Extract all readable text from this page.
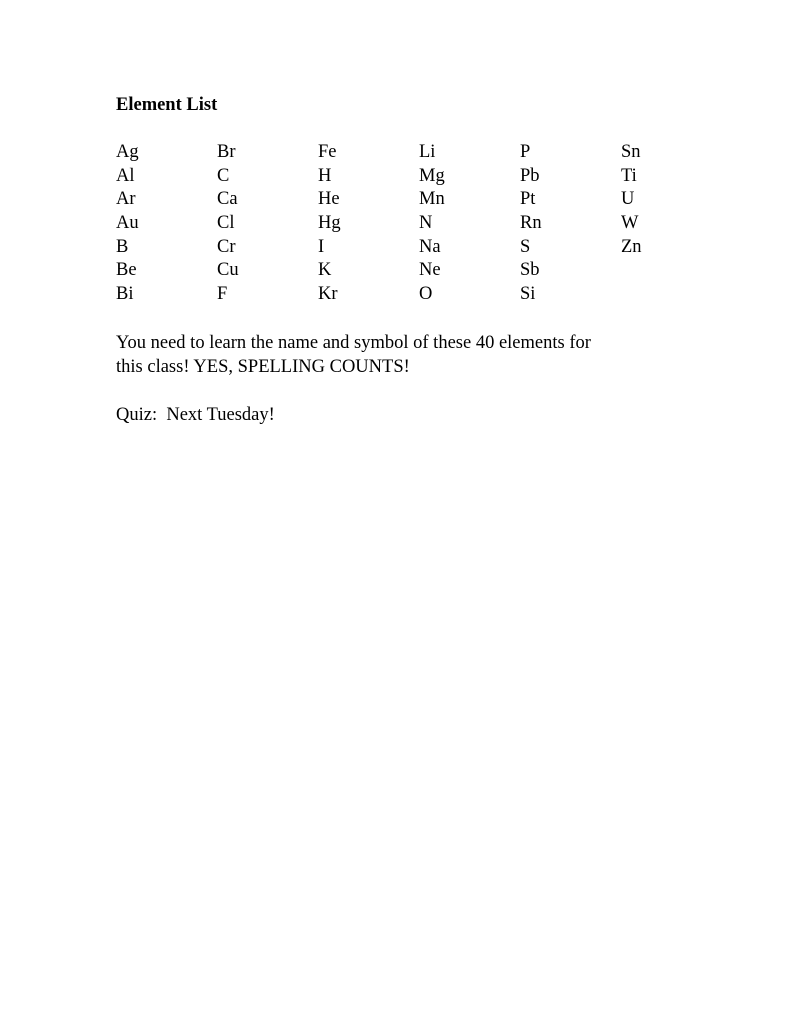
Element List
Ag	Br	Fe	Li	P	Sn
Al	C	H	Mg	Pb	Ti
Ar	Ca	He	Mn	Pt	U
Au	Cl	Hg	N	Rn	W
B	Cr	I	Na	S	Zn
Be	Cu	K	Ne	Sb
Bi	F	Kr	O	Si
You need to learn the name and symbol of these 40 elements for
this class! YES, SPELLING COUNTS!
Quiz:  Next Tuesday!
